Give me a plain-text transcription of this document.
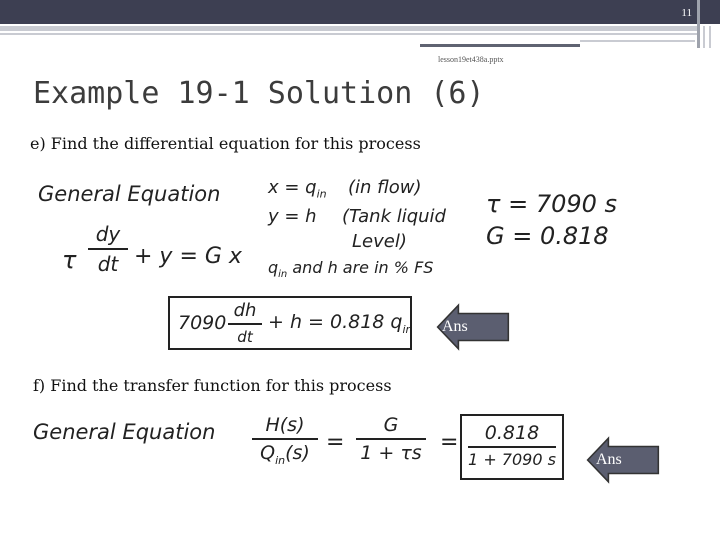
11
lesson19et438a.pptx
Example 19-1 Solution (6)
e) Find the differential equation for this process
General Equation
τ
dy
dt + y = G x
$x = q_{in}$ (in flow)
y = h (Tank liquid
Level)
$q_{in}$ and h are in % FS
τ = 7090 s
G = 0.818
7090
dh
dt
+ h = 0.818 $q_{in}$ Ans
f) Find the transfer function for this process
General Equation	H(s)
$Q_{in}(s)$ =
G
1 + τs =	0.818
1 + 7090 s	Ans
